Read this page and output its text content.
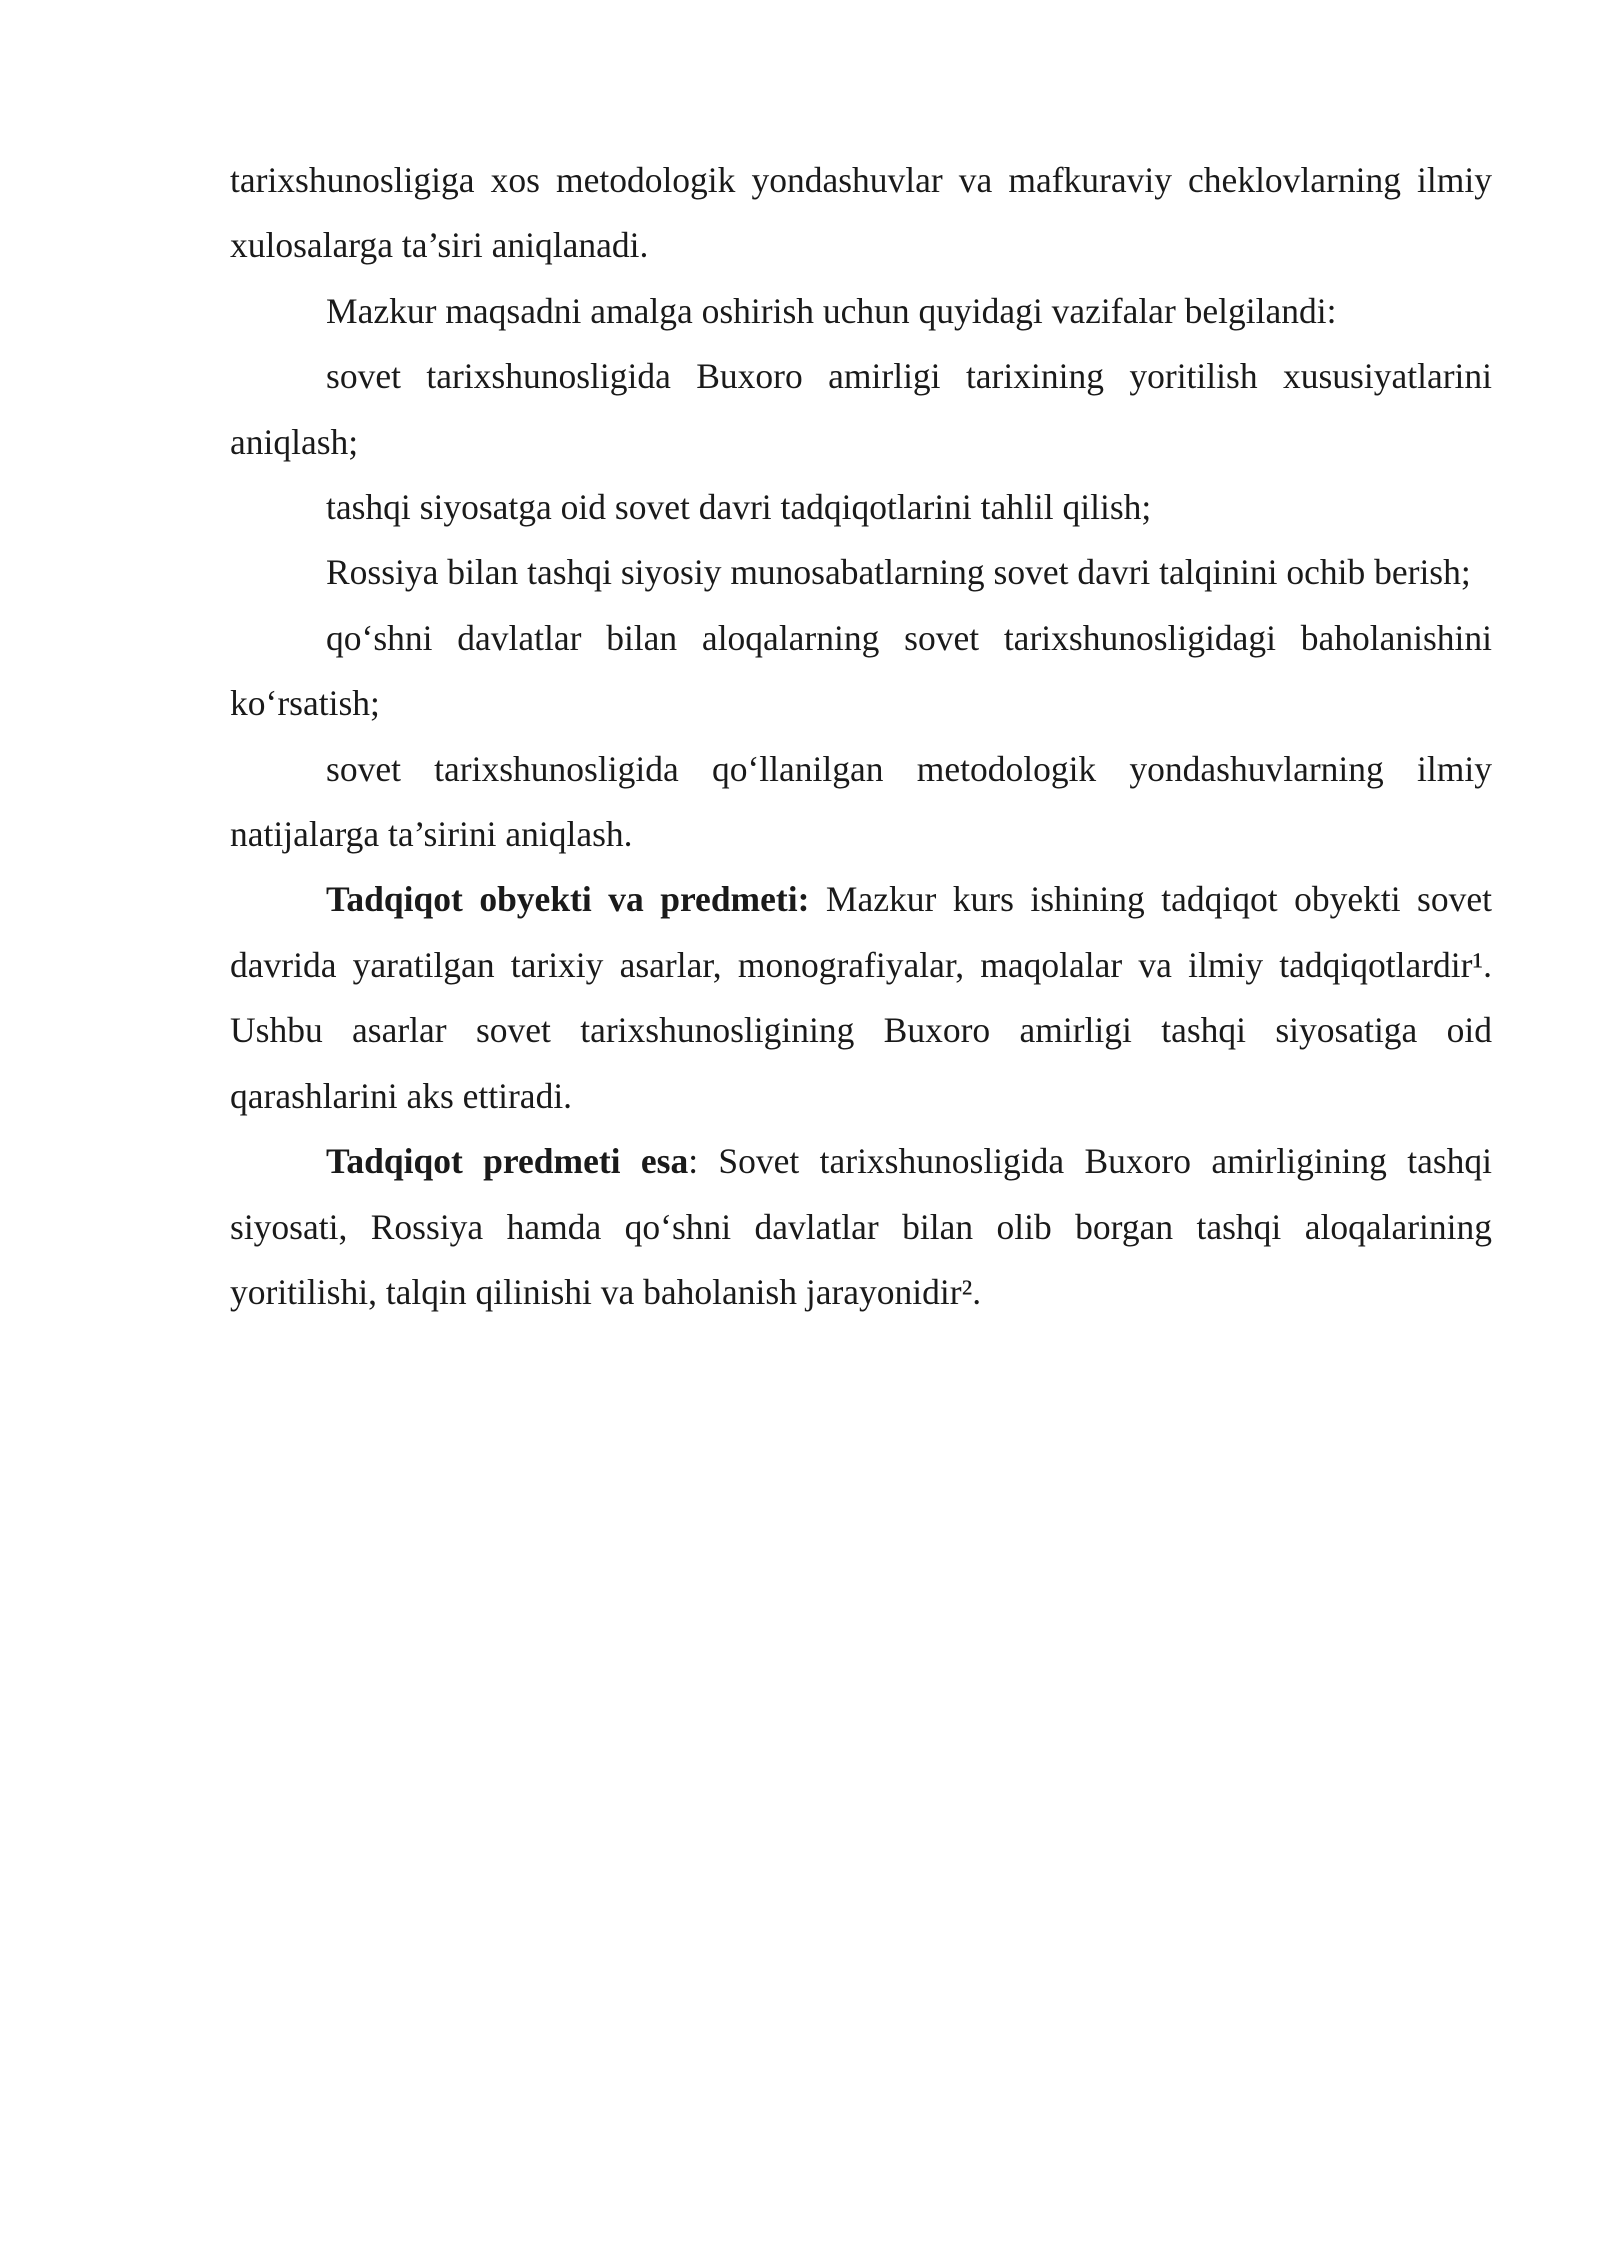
tarixshunosligiga xos metodologik yondashuvlar va mafkuraviy cheklovlarning ilmiy xulosalarga ta’siri aniqlanadi.

Mazkur maqsadni amalga oshirish uchun quyidagi vazifalar belgilandi:

sovet tarixshunosligida Buxoro amirligi tarixining yoritilish xususiyatlarini aniqlash;

tashqi siyosatga oid sovet davri tadqiqotlarini tahlil qilish;

Rossiya bilan tashqi siyosiy munosabatlarning sovet davri talqinini ochib berish;

qo‘shni davlatlar bilan aloqalarning sovet tarixshunosligidagi baholanishini ko‘rsatish;

sovet tarixshunosligida qo‘llanilgan metodologik yondashuvlarning ilmiy natijalarga ta’sirini aniqlash.

Tadqiqot obyekti va predmeti: Mazkur kurs ishining tadqiqot obyekti sovet davrida yaratilgan tarixiy asarlar, monografiyalar, maqolalar va ilmiy tadqiqotlardir¹. Ushbu asarlar sovet tarixshunosligining Buxoro amirligi tashqi siyosatiga oid qarashlarini aks ettiradi.

Tadqiqot predmeti esa: Sovet tarixshunosligida Buxoro amirligining tashqi siyosati, Rossiya hamda qo‘shni davlatlar bilan olib borgan tashqi aloqalarining yoritilishi, talqin qilinishi va baholanish jarayonidir².
